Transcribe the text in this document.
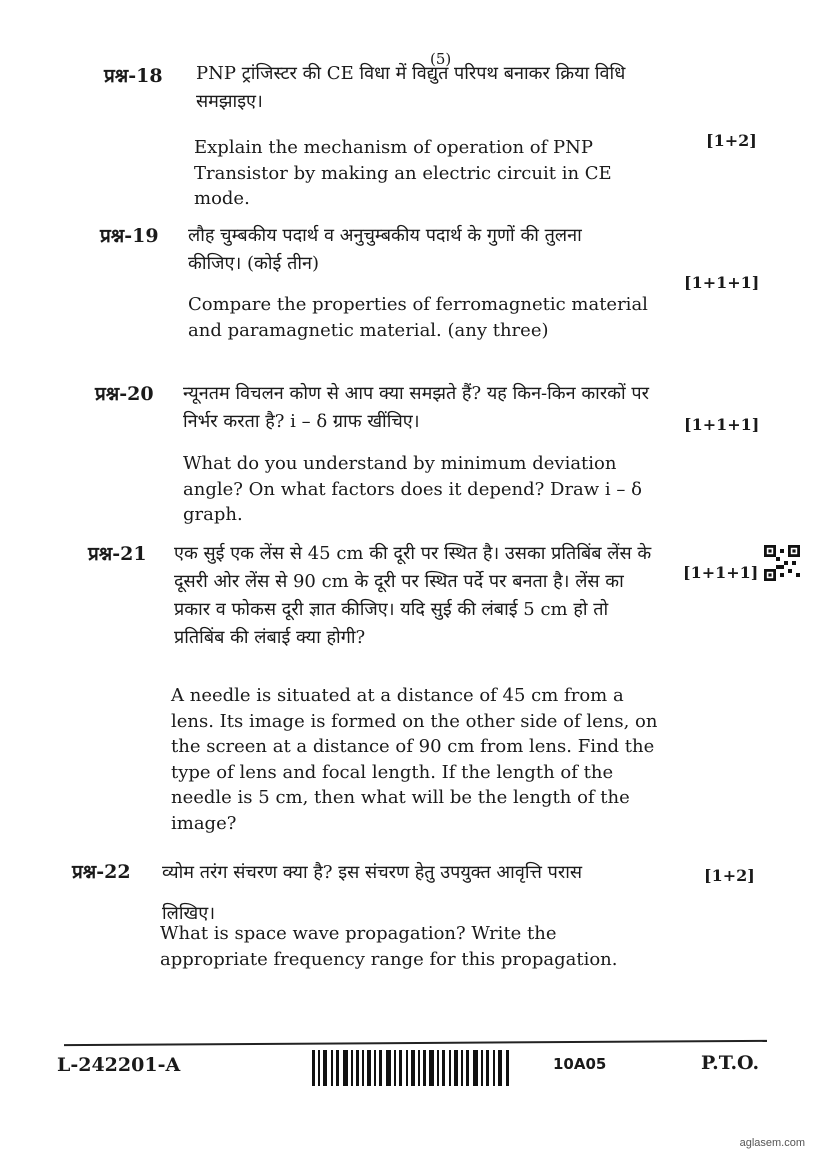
(5)
प्रश्न-18 PNP ट्रांजिस्टर की CE विधा में विद्युत परिपथ बनाकर क्रिया विधि समझाइए।
Explain the mechanism of operation of PNP Transistor by making an electric circuit in CE mode.
[1+2]
प्रश्न-19 लौह चुम्बकीय पदार्थ व अनुचुम्बकीय पदार्थ के गुणों की तुलना कीजिए। (कोई तीन)
Compare the properties of ferromagnetic material and paramagnetic material. (any three)
[1+1+1]
प्रश्न-20 न्यूनतम विचलन कोण से आप क्या समझते हैं? यह किन-किन कारकों पर निर्भर करता है? i – δ ग्राफ खींचिए।
What do you understand by minimum deviation angle? On what factors does it depend? Draw i – δ graph.
[1+1+1]
प्रश्न-21 एक सुई एक लेंस से 45 cm की दूरी पर स्थित है। उसका प्रतिबिंब लेंस के दूसरी ओर लेंस से 90 cm के दूरी पर स्थित पर्दे पर बनता है। लेंस का प्रकार व फोकस दूरी ज्ञात कीजिए। यदि सुई की लंबाई 5 cm हो तो प्रतिबिंब की लंबाई क्या होगी?
A needle is situated at a distance of 45 cm from a lens. Its image is formed on the other side of lens, on the screen at a distance of 90 cm from lens. Find the type of lens and focal length. If the length of the needle is 5 cm, then what will be the length of the image?
[1+1+1]
प्रश्न-22 व्योम तरंग संचरण क्या है? इस संचरण हेतु उपयुक्त आवृत्ति परास लिखिए।
What is space wave propagation? Write the appropriate frequency range for this propagation.
[1+2]
L-242201-A	10A05	P.T.O.
aglasem.com
